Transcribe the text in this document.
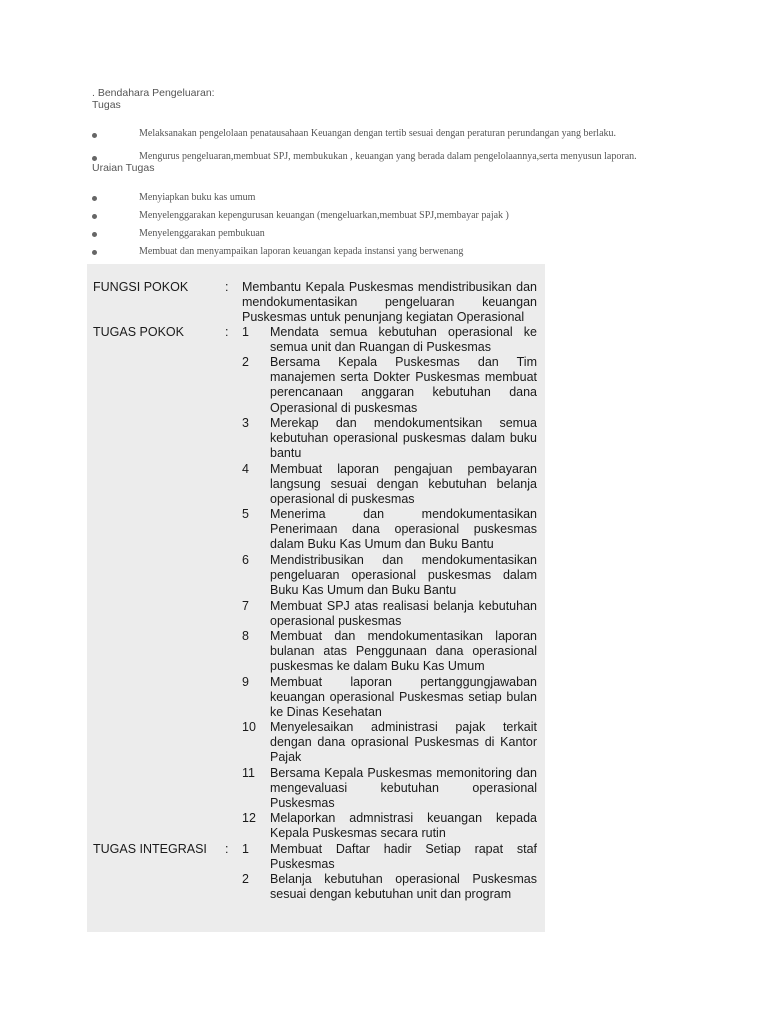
. Bendahara Pengeluaran:
Tugas
Melaksanakan pengelolaan penatausahaan Keuangan dengan tertib sesuai dengan peraturan perundangan yang berlaku.
Mengurus pengeluaran,membuat SPJ, membukukan , keuangan yang berada dalam pengelolaannya,serta menyusun laporan.
Uraian Tugas
Menyiapkan buku kas umum
Menyelenggarakan kepengurusan keuangan (mengeluarkan,membuat SPJ,membayar pajak )
Menyelenggarakan pembukuan
Membuat dan menyampaikan laporan keuangan kepada instansi yang berwenang
FUNGSI POKOK	: Membantu Kepala Puskesmas mendistribusikan dan mendokumentasikan pengeluaran keuangan Puskesmas untuk penunjang kegiatan Operasional
TUGAS POKOK	: 1 Mendata semua kebutuhan operasional ke semua unit dan Ruangan di Puskesmas
2 Bersama Kepala Puskesmas dan Tim manajemen serta Dokter Puskesmas membuat perencanaan anggaran kebutuhan dana Operasional di puskesmas
3 Merekap dan mendokumentsikan semua kebutuhan operasional puskesmas dalam buku bantu
4 Membuat laporan pengajuan pembayaran langsung sesuai dengan kebutuhan belanja operasional di puskesmas
5 Menerima dan mendokumentasikan Penerimaan dana operasional puskesmas dalam Buku Kas Umum dan Buku Bantu
6 Mendistribusikan dan mendokumentasikan pengeluaran operasional puskesmas dalam Buku Kas Umum dan Buku Bantu
7 Membuat SPJ atas realisasi belanja kebutuhan operasional puskesmas
8 Membuat dan mendokumentasikan laporan bulanan atas Penggunaan dana operasional puskesmas ke dalam Buku Kas Umum
9 Membuat laporan pertanggungjawaban keuangan operasional Puskesmas setiap bulan ke Dinas Kesehatan
10 Menyelesaikan administrasi pajak terkait dengan dana oprasional Puskesmas di Kantor Pajak
11 Bersama Kepala Puskesmas memonitoring dan mengevaluasi kebutuhan operasional Puskesmas
12 Melaporkan admnistrasi keuangan kepada Kepala Puskesmas secara rutin
TUGAS INTEGRASI	: 1 Membuat Daftar hadir Setiap rapat staf Puskesmas
2 Belanja kebutuhan operasional Puskesmas sesuai dengan kebutuhan unit dan program
